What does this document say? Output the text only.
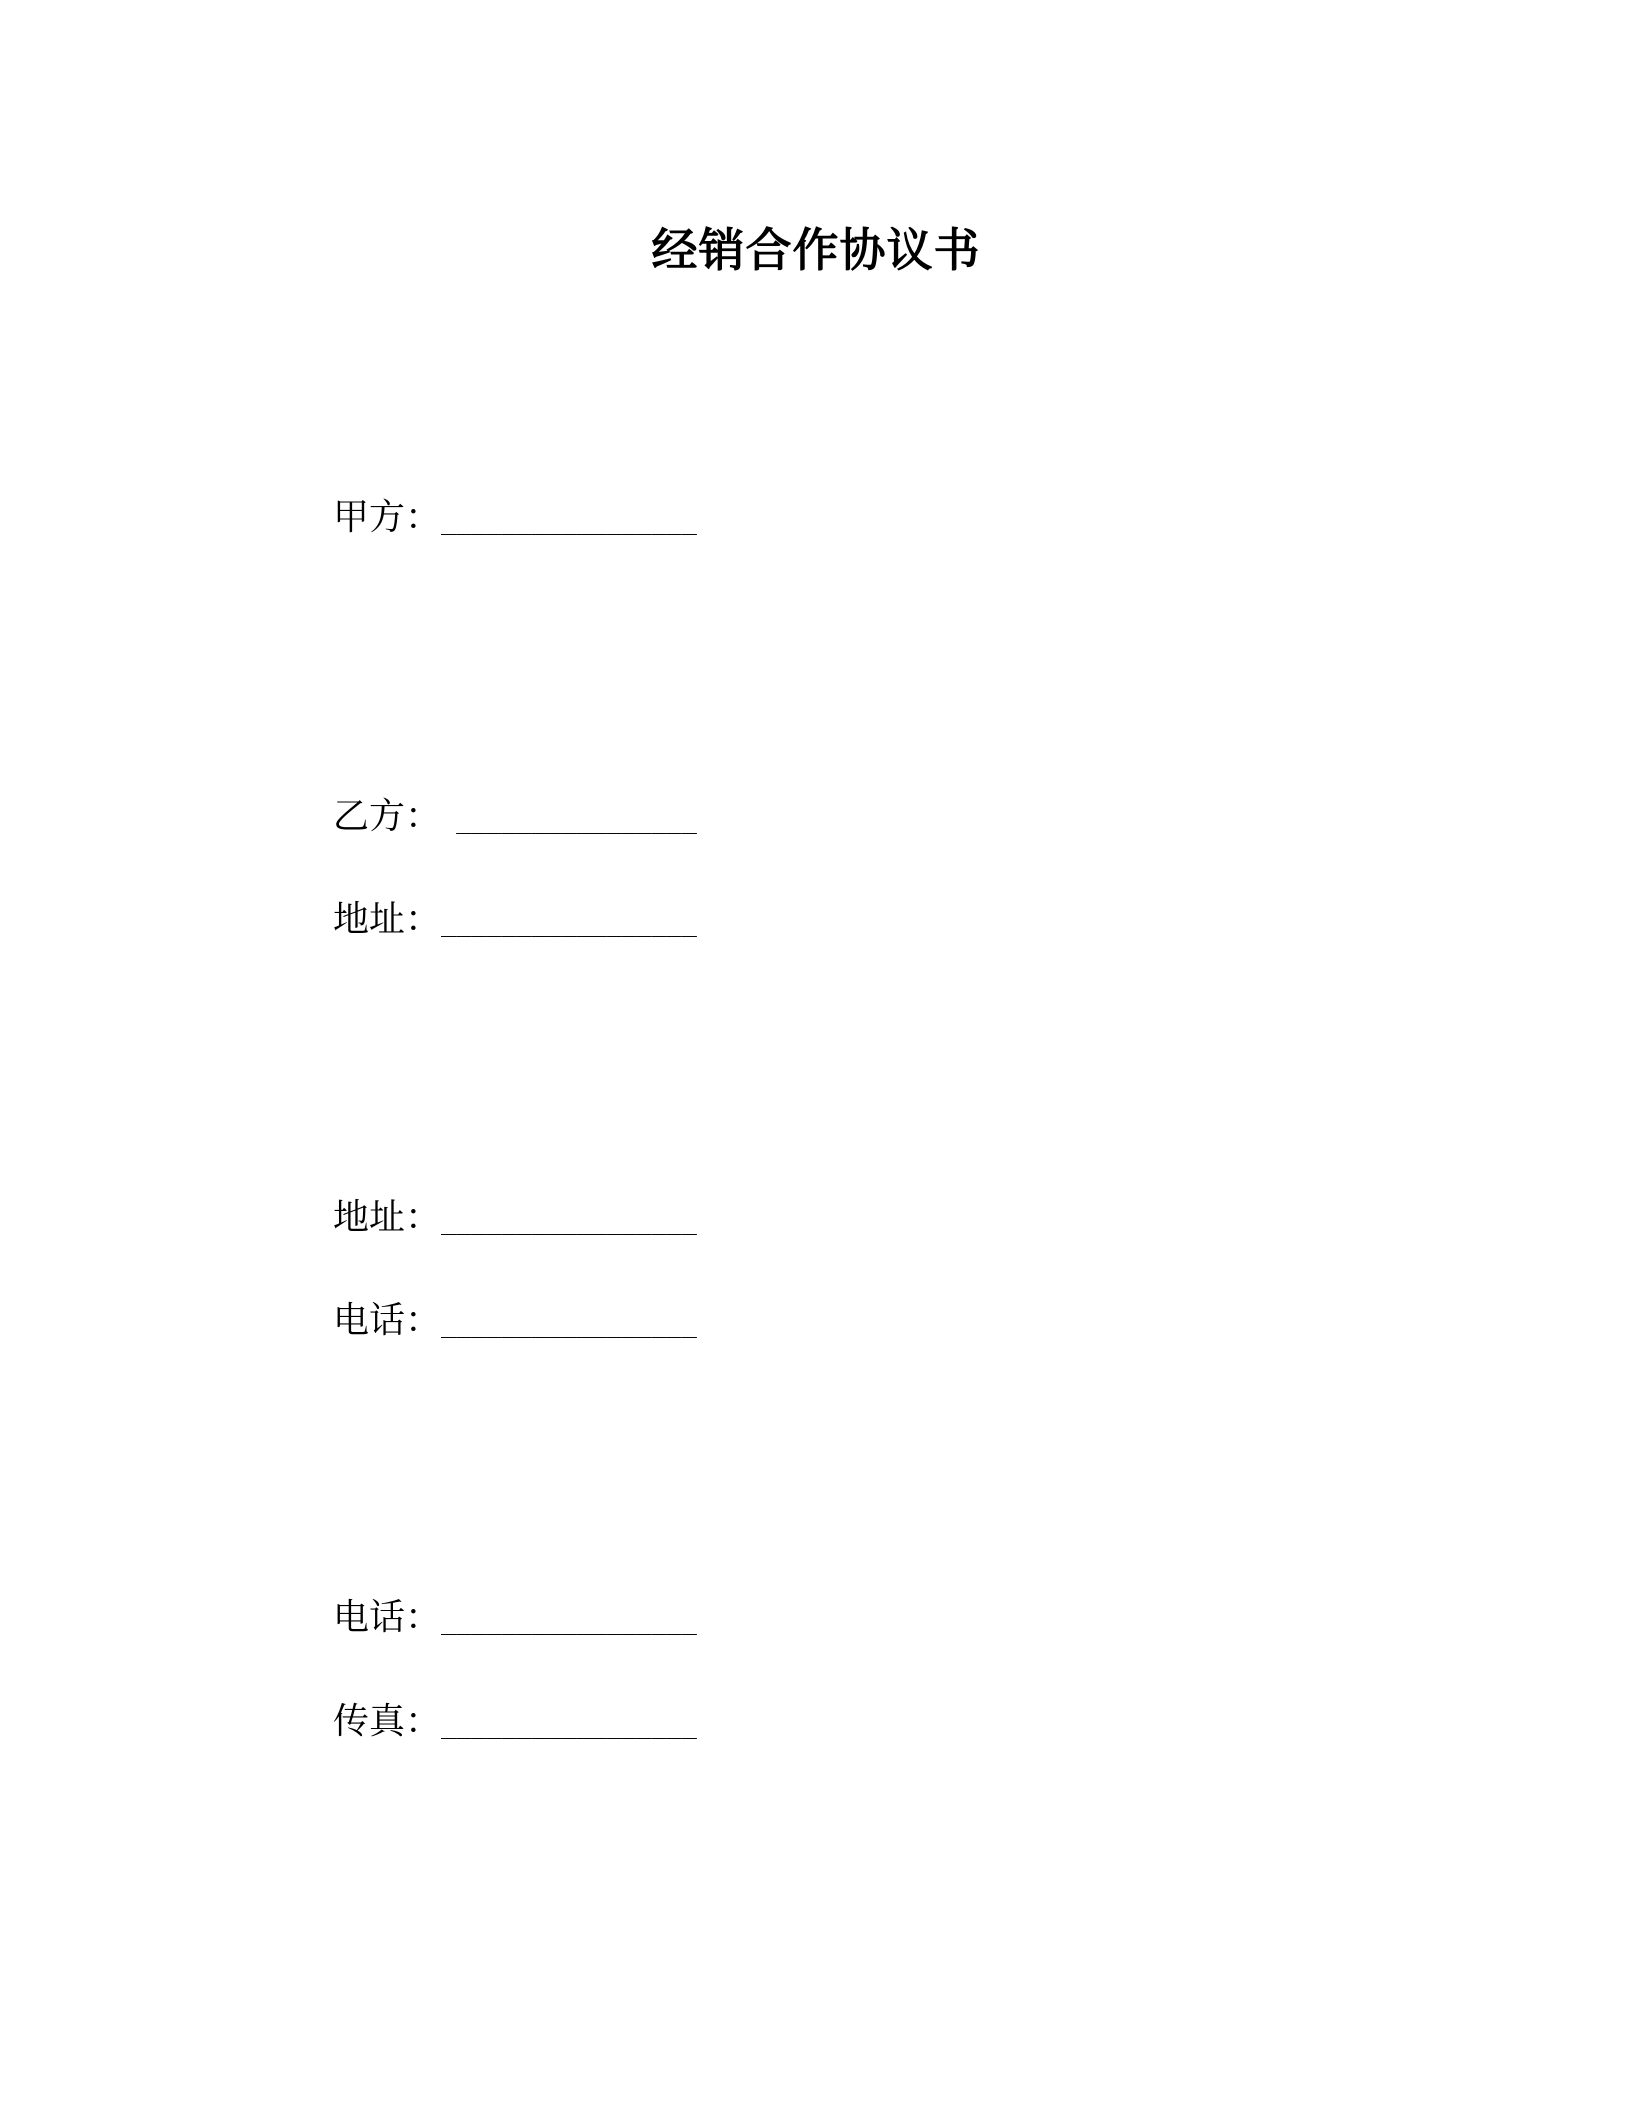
经销合作协议书
甲方：_________________
乙方： ________________
地址：_________________
地址：_________________
电话：_________________
电话：_________________
传真：_________________
